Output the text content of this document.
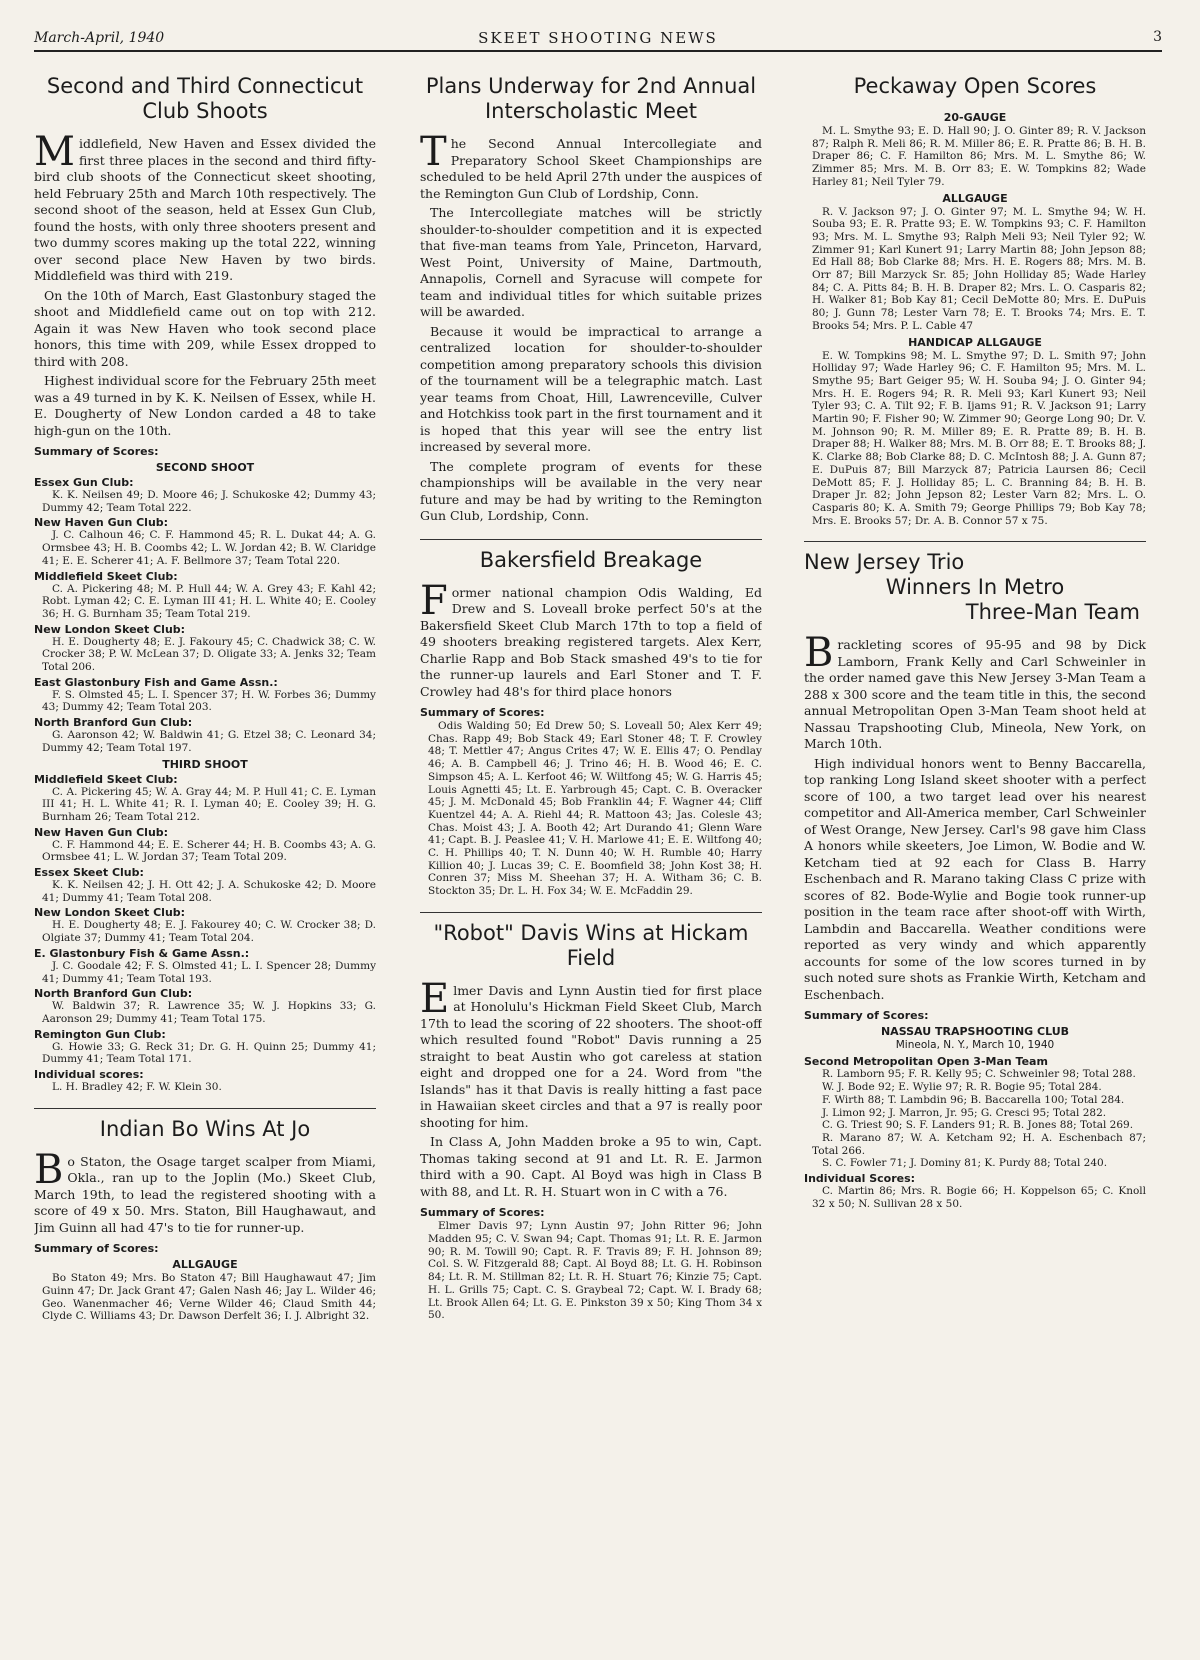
March-April, 1940	SKEET SHOOTING NEWS	3
Second and Third Connecticut Club Shoots

Middlefield, New Haven and Essex divided the first three places in the second and third fifty-bird club shoots of the Connecticut skeet shooting, held February 25th and March 10th respectively. The second shoot of the season, held at Essex Gun Club, found the hosts, with only three shooters present and two dummy scores making up the total 222, winning over second place New Haven by two birds. Middlefield was third with 219.

On the 10th of March, East Glastonbury staged the shoot and Middlefield came out on top with 212. Again it was New Haven who took second place honors, this time with 209, while Essex dropped to third with 208.

Highest individual score for the February 25th meet was a 49 turned in by K. K. Neilsen of Essex, while H. E. Dougherty of New London carded a 48 to take high-gun on the 10th.

Summary of Scores:
SECOND SHOOT
Essex Gun Club:

K. K. Neilsen 49; D. Moore 46; J. Schukoske 42; Dummy 43; Dummy 42; Team Total 222.

New Haven Gun Club:

J. C. Calhoun 46; C. F. Hammond 45; R. L. Dukat 44; A. G. Ormsbee 43; H. B. Coombs 42; L. W. Jordan 42; B. W. Claridge 41; E. E. Scherer 41; A. F. Bellmore 37; Team Total 220.

Middlefield Skeet Club:

C. A. Pickering 48; M. P. Hull 44; W. A. Grey 43; F. Kahl 42; Robt. Lyman 42; C. E. Lyman III 41; H. L. White 40; E. Cooley 36; H. G. Burnham 35; Team Total 219.

New London Skeet Club:

H. E. Dougherty 48; E. J. Fakoury 45; C. Chadwick 38; C. W. Crocker 38; P. W. McLean 37; D. Oligate 33; A. Jenks 32; Team Total 206.

East Glastonbury Fish and Game Assn.:

F. S. Olmsted 45; L. I. Spencer 37; H. W. Forbes 36; Dummy 43; Dummy 42; Team Total 203.

North Branford Gun Club:

G. Aaronson 42; W. Baldwin 41; G. Etzel 38; C. Leonard 34; Dummy 42; Team Total 197.

THIRD SHOOT
Middlefield Skeet Club:

C. A. Pickering 45; W. A. Gray 44; M. P. Hull 41; C. E. Lyman III 41; H. L. White 41; R. I. Lyman 40; E. Cooley 39; H. G. Burnham 26; Team Total 212.

New Haven Gun Club:

C. F. Hammond 44; E. E. Scherer 44; H. B. Coombs 43; A. G. Ormsbee 41; L. W. Jordan 37; Team Total 209.

Essex Skeet Club:

K. K. Neilsen 42; J. H. Ott 42; J. A. Schukoske 42; D. Moore 41; Dummy 41; Team Total 208.

New London Skeet Club:

H. E. Dougherty 48; E. J. Fakourey 40; C. W. Crocker 38; D. Olgiate 37; Dummy 41; Team Total 204.

E. Glastonbury Fish & Game Assn.:

J. C. Goodale 42; F. S. Olmsted 41; L. I. Spencer 28; Dummy 41; Dummy 41; Team Total 193.

North Branford Gun Club:

W. Baldwin 37; R. Lawrence 35; W. J. Hopkins 33; G. Aaronson 29; Dummy 41; Team Total 175.

Remington Gun Club:

G. Howie 33; G. Reck 31; Dr. G. H. Quinn 25; Dummy 41; Dummy 41; Team Total 171.

Individual scores:

L. H. Bradley 42; F. W. Klein 30.

Indian Bo Wins At Jo

Bo Staton, the Osage target scalper from Miami, Okla., ran up to the Joplin (Mo.) Skeet Club, March 19th, to lead the registered shooting with a score of 49 x 50. Mrs. Staton, Bill Haughawaut, and Jim Guinn all had 47's to tie for runner-up.

Summary of Scores:
ALLGAUGE

Bo Staton 49; Mrs. Bo Staton 47; Bill Haughawaut 47; Jim Guinn 47; Dr. Jack Grant 47; Galen Nash 46; Jay L. Wilder 46; Geo. Wanenmacher 46; Verne Wilder 46; Claud Smith 44; Clyde C. Williams 43; Dr. Dawson Derfelt 36; I. J. Albright 32.

Plans Underway for 2nd Annual Interscholastic Meet

The Second Annual Intercollegiate and Preparatory School Skeet Championships are scheduled to be held April 27th under the auspices of the Remington Gun Club of Lordship, Conn.

The Intercollegiate matches will be strictly shoulder-to-shoulder competition and it is expected that five-man teams from Yale, Princeton, Harvard, West Point, University of Maine, Dartmouth, Annapolis, Cornell and Syracuse will compete for team and individual titles for which suitable prizes will be awarded.

Because it would be impractical to arrange a centralized location for shoulder-to-shoulder competition among preparatory schools this division of the tournament will be a telegraphic match. Last year teams from Choat, Hill, Lawrenceville, Culver and Hotchkiss took part in the first tournament and it is hoped that this year will see the entry list increased by several more.

The complete program of events for these championships will be available in the very near future and may be had by writing to the Remington Gun Club, Lordship, Conn.

Bakersfield Breakage

Former national champion Odis Walding, Ed Drew and S. Loveall broke perfect 50's at the Bakersfield Skeet Club March 17th to top a field of 49 shooters breaking registered targets. Alex Kerr, Charlie Rapp and Bob Stack smashed 49's to tie for the runner-up laurels and Earl Stoner and T. F. Crowley had 48's for third place honors

Summary of Scores:

Odis Walding 50; Ed Drew 50; S. Loveall 50; Alex Kerr 49; Chas. Rapp 49; Bob Stack 49; Earl Stoner 48; T. F. Crowley 48; T. Mettler 47; Angus Crites 47; W. E. Ellis 47; O. Pendlay 46; A. B. Campbell 46; J. Trino 46; H. B. Wood 46; E. C. Simpson 45; A. L. Kerfoot 46; W. Wiltfong 45; W. G. Harris 45; Louis Agnetti 45; Lt. E. Yarbrough 45; Capt. C. B. Overacker 45; J. M. McDonald 45; Bob Franklin 44; F. Wagner 44; Cliff Kuentzel 44; A. A. Riehl 44; R. Mattoon 43; Jas. Colesle 43; Chas. Moist 43; J. A. Booth 42; Art Durando 41; Glenn Ware 41; Capt. B. J. Peaslee 41; V. H. Marlowe 41; E. E. Wiltfong 40; C. H. Phillips 40; T. N. Dunn 40; W. H. Rumble 40; Harry Killion 40; J. Lucas 39; C. E. Boomfield 38; John Kost 38; H. Conren 37; Miss M. Sheehan 37; H. A. Witham 36; C. B. Stockton 35; Dr. L. H. Fox 34; W. E. McFaddin 29.

"Robot" Davis Wins at Hickam Field

Elmer Davis and Lynn Austin tied for first place at Honolulu's Hickman Field Skeet Club, March 17th to lead the scoring of 22 shooters. The shoot-off which resulted found "Robot" Davis running a 25 straight to beat Austin who got careless at station eight and dropped one for a 24. Word from "the Islands" has it that Davis is really hitting a fast pace in Hawaiian skeet circles and that a 97 is really poor shooting for him.

In Class A, John Madden broke a 95 to win, Capt. Thomas taking second at 91 and Lt. R. E. Jarmon third with a 90. Capt. Al Boyd was high in Class B with 88, and Lt. R. H. Stuart won in C with a 76.

Summary of Scores:

Elmer Davis 97; Lynn Austin 97; John Ritter 96; John Madden 95; C. V. Swan 94; Capt. Thomas 91; Lt. R. E. Jarmon 90; R. M. Towill 90; Capt. R. F. Travis 89; F. H. Johnson 89; Col. S. W. Fitzgerald 88; Capt. Al Boyd 88; Lt. G. H. Robinson 84; Lt. R. M. Stillman 82; Lt. R. H. Stuart 76; Kinzie 75; Capt. H. L. Grills 75; Capt. C. S. Graybeal 72; Capt. W. I. Brady 68; Lt. Brook Allen 64; Lt. G. E. Pinkston 39 x 50; King Thom 34 x 50.

Peckaway Open Scores
20-GAUGE

M. L. Smythe 93; E. D. Hall 90; J. O. Ginter 89; R. V. Jackson 87; Ralph R. Meli 86; R. M. Miller 86; E. R. Pratte 86; B. H. B. Draper 86; C. F. Hamilton 86; Mrs. M. L. Smythe 86; W. Zimmer 85; Mrs. M. B. Orr 83; E. W. Tompkins 82; Wade Harley 81; Neil Tyler 79.

ALLGAUGE

R. V. Jackson 97; J. O. Ginter 97; M. L. Smythe 94; W. H. Souba 93; E. R. Pratte 93; E. W. Tompkins 93; C. F. Hamilton 93; Mrs. M. L. Smythe 93; Ralph Meli 93; Neil Tyler 92; W. Zimmer 91; Karl Kunert 91; Larry Martin 88; John Jepson 88; Ed Hall 88; Bob Clarke 88; Mrs. H. E. Rogers 88; Mrs. M. B. Orr 87; Bill Marzyck Sr. 85; John Holliday 85; Wade Harley 84; C. A. Pitts 84; B. H. B. Draper 82; Mrs. L. O. Casparis 82; H. Walker 81; Bob Kay 81; Cecil DeMotte 80; Mrs. E. DuPuis 80; J. Gunn 78; Lester Varn 78; E. T. Brooks 74; Mrs. E. T. Brooks 54; Mrs. P. L. Cable 47

HANDICAP ALLGAUGE

E. W. Tompkins 98; M. L. Smythe 97; D. L. Smith 97; John Holliday 97; Wade Harley 96; C. F. Hamilton 95; Mrs. M. L. Smythe 95; Bart Geiger 95; W. H. Souba 94; J. O. Ginter 94; Mrs. H. E. Rogers 94; R. R. Meli 93; Karl Kunert 93; Neil Tyler 93; C. A. Tilt 92; F. B. Ijams 91; R. V. Jackson 91; Larry Martin 90; F. Fisher 90; W. Zimmer 90; George Long 90; Dr. V. M. Johnson 90; R. M. Miller 89; E. R. Pratte 89; B. H. B. Draper 88; H. Walker 88; Mrs. M. B. Orr 88; E. T. Brooks 88; J. K. Clarke 88; Bob Clarke 88; D. C. McIntosh 88; J. A. Gunn 87; E. DuPuis 87; Bill Marzyck 87; Patricia Laursen 86; Cecil DeMott 85; F. J. Holliday 85; L. C. Branning 84; B. H. B. Draper Jr. 82; John Jepson 82; Lester Varn 82; Mrs. L. O. Casparis 80; K. A. Smith 79; George Phillips 79; Bob Kay 78; Mrs. E. Brooks 57; Dr. A. B. Connor 57 x 75.

New Jersey Trio
Winners In Metro
Three-Man Team

Brackleting scores of 95-95 and 98 by Dick Lamborn, Frank Kelly and Carl Schweinler in the order named gave this New Jersey 3-Man Team a 288 x 300 score and the team title in this, the second annual Metropolitan Open 3-Man Team shoot held at Nassau Trapshooting Club, Mineola, New York, on March 10th.

High individual honors went to Benny Baccarella, top ranking Long Island skeet shooter with a perfect score of 100, a two target lead over his nearest competitor and All-America member, Carl Schweinler of West Orange, New Jersey. Carl's 98 gave him Class A honors while skeeters, Joe Limon, W. Bodie and W. Ketcham tied at 92 each for Class B. Harry Eschenbach and R. Marano taking Class C prize with scores of 82. Bode-Wylie and Bogie took runner-up position in the team race after shoot-off with Wirth, Lambdin and Baccarella. Weather conditions were reported as very windy and which apparently accounts for some of the low scores turned in by such noted sure shots as Frankie Wirth, Ketcham and Eschenbach.

Summary of Scores:
NASSAU TRAPSHOOTING CLUB
Mineola, N. Y., March 10, 1940
Second Metropolitan Open 3-Man Team

R. Lamborn 95; F. R. Kelly 95; C. Schweinler 98; Total 288.

W. J. Bode 92; E. Wylie 97; R. R. Bogie 95; Total 284.

F. Wirth 88; T. Lambdin 96; B. Baccarella 100; Total 284.

J. Limon 92; J. Marron, Jr. 95; G. Cresci 95; Total 282.

C. G. Triest 90; S. F. Landers 91; R. B. Jones 88; Total 269.

R. Marano 87; W. A. Ketcham 92; H. A. Eschenbach 87; Total 266.

S. C. Fowler 71; J. Dominy 81; K. Purdy 88; Total 240.

Individual Scores:

C. Martin 86; Mrs. R. Bogie 66; H. Koppelson 65; C. Knoll 32 x 50; N. Sullivan 28 x 50.
